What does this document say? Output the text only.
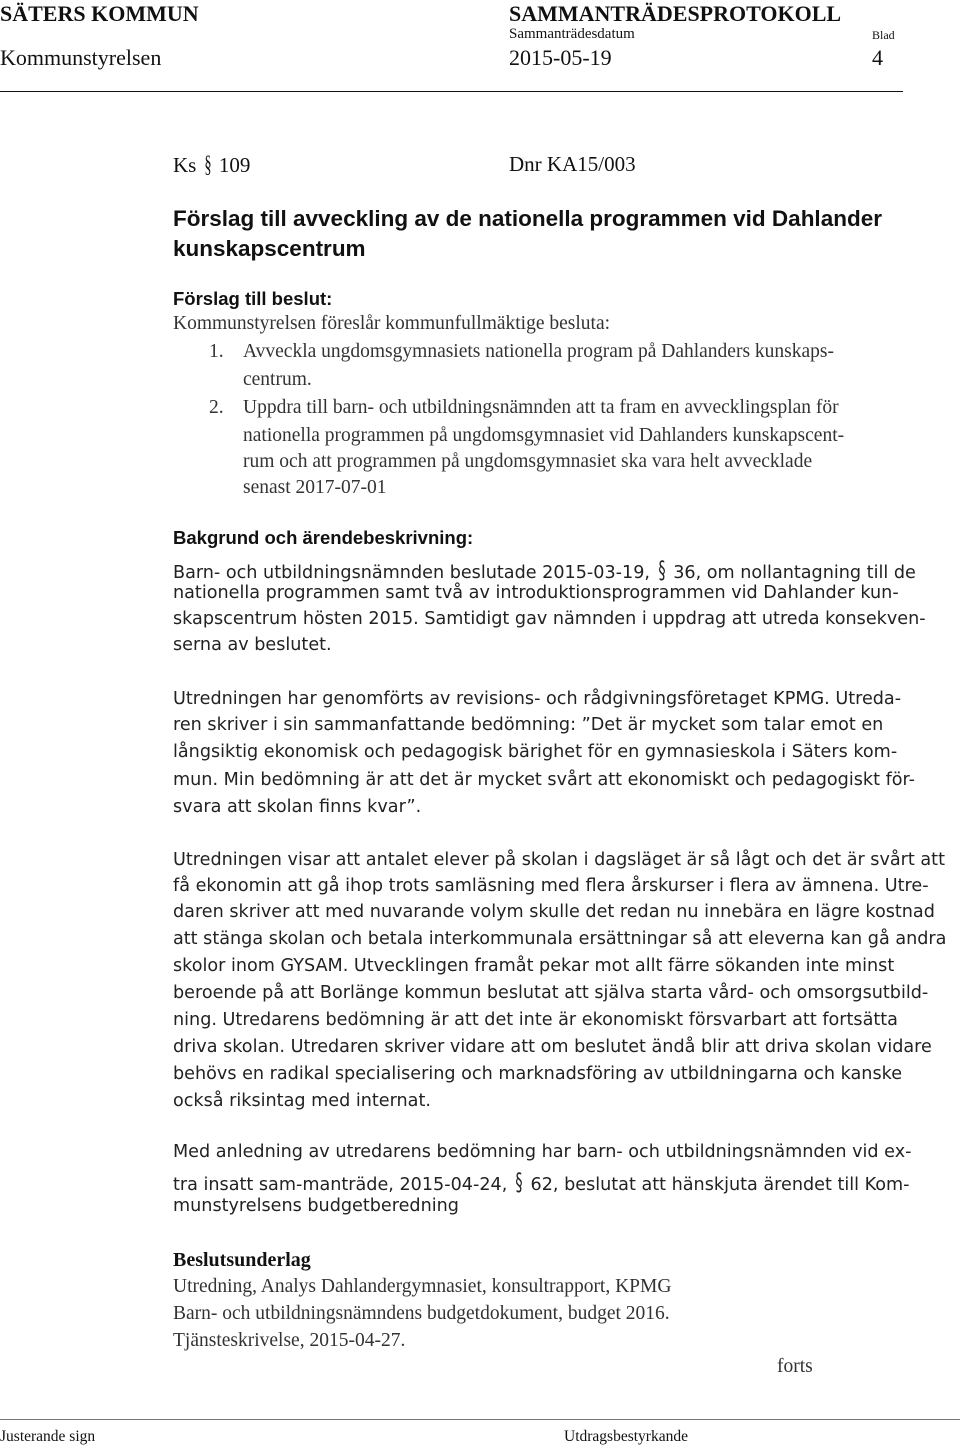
SÄTERS KOMMUN	SAMMANTRÄDESPROTOKOLL
Kommunstyrelsen
Sammanträdesdatum
2015-05-19
Blad
4
Ks § 109	Dnr KA15/003
Förslag till avveckling av de nationella programmen vid Dahlander
kunskapscentrum
Förslag till beslut:
Kommunstyrelsen föreslår kommunfullmäktige besluta:
1. Avveckla ungdomsgymnasiets nationella program på Dahlanders kunskaps-
centrum.
2. Uppdra till barn- och utbildningsnämnden att ta fram en avvecklingsplan för
nationella programmen på ungdomsgymnasiet vid Dahlanders kunskapscent-
rum och att programmen på ungdomsgymnasiet ska vara helt avvecklade
senast 2017-07-01
Bakgrund och ärendebeskrivning:
Barn- och utbildningsnämnden beslutade 2015-03-19, § 36, om nollantagning till de
nationella programmen samt två av introduktionsprogrammen vid Dahlander kun-
skapscentrum hösten 2015. Samtidigt gav nämnden i uppdrag att utreda konsekven-
serna av beslutet.
Utredningen har genomförts av revisions- och rådgivningsföretaget KPMG. Utreda-
ren skriver i sin sammanfattande bedömning: ”Det är mycket som talar emot en
långsiktig ekonomisk och pedagogisk bärighet för en gymnasieskola i Säters kom-
mun. Min bedömning är att det är mycket svårt att ekonomiskt och pedagogiskt för-
svara att skolan finns kvar”.
Utredningen visar att antalet elever på skolan i dagsläget är så lågt och det är svårt att
få ekonomin att gå ihop trots samläsning med flera årskurser i flera av ämnena. Utre-
daren skriver att med nuvarande volym skulle det redan nu innebära en lägre kostnad
att stänga skolan och betala interkommunala ersättningar så att eleverna kan gå andra
skolor inom GYSAM. Utvecklingen framåt pekar mot allt färre sökanden inte minst
beroende på att Borlänge kommun beslutat att själva starta vård- och omsorgsutbild-
ning. Utredarens bedömning är att det inte är ekonomiskt försvarbart att fortsätta
driva skolan. Utredaren skriver vidare att om beslutet ändå blir att driva skolan vidare
behövs en radikal specialisering och marknadsföring av utbildningarna och kanske
också riksintag med internat.
Med anledning av utredarens bedömning har barn- och utbildningsnämnden vid ex-
tra insatt sam-manträde, 2015-04-24, § 62, beslutat att hänskjuta ärendet till Kom-
munstyrelsens budgetberedning
Beslutsunderlag
Utredning, Analys Dahlandergymnasiet, konsultrapport, KPMG
Barn- och utbildningsnämndens budgetdokument, budget 2016.
Tjänsteskrivelse, 2015-04-27.
forts
Justerande sign	Utdragsbestyrkande
